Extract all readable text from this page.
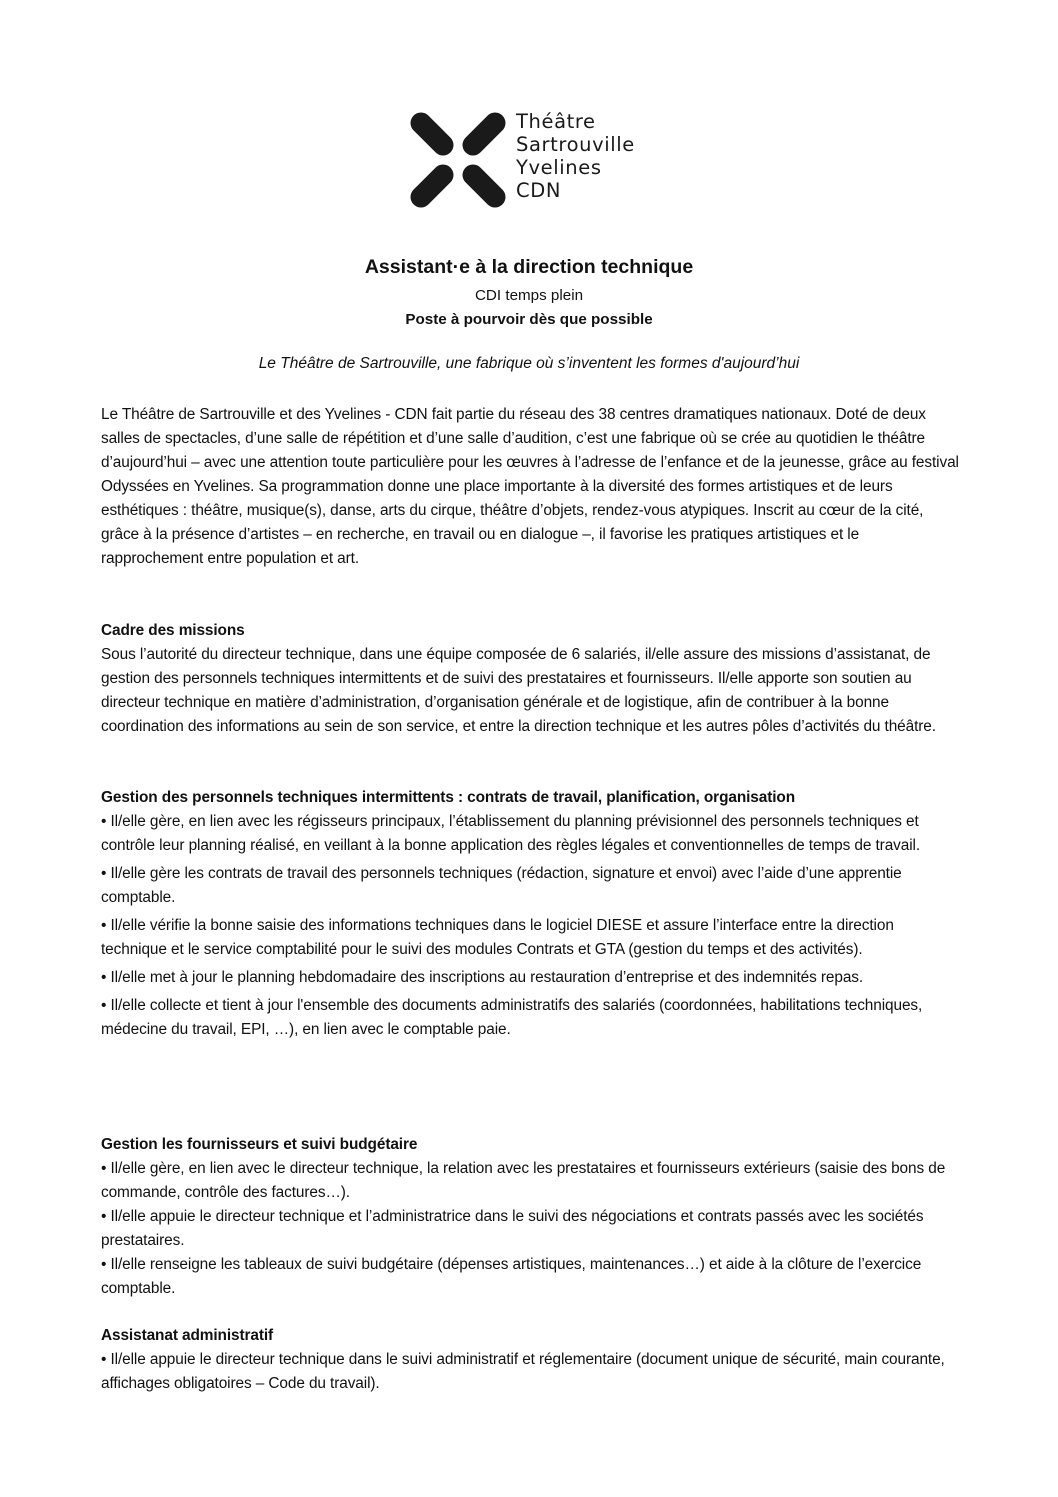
Théâtre
Sartrouville
Yvelines
CDN
Assistant·e à la direction technique
CDI temps plein
Poste à pourvoir dès que possible
Le Théâtre de Sartrouville, une fabrique où s’inventent les formes d'aujourd’hui

Le Théâtre de Sartrouville et des Yvelines - CDN fait partie du réseau des 38 centres dramatiques nationaux. Doté de deux salles de spectacles, d’une salle de répétition et d’une salle d’audition, c’est une fabrique où se crée au quotidien le théâtre d’aujourd’hui – avec une attention toute particulière pour les œuvres à l’adresse de l’enfance et de la jeunesse, grâce au festival Odyssées en Yvelines. Sa programmation donne une place importante à la diversité des formes artistiques et de leurs esthétiques : théâtre, musique(s), danse, arts du cirque, théâtre d’objets, rendez-vous atypiques. Inscrit au cœur de la cité, grâce à la présence d’artistes – en recherche, en travail ou en dialogue –, il favorise les pratiques artistiques et le rapprochement entre population et art.

Cadre des missions

Sous l’autorité du directeur technique, dans une équipe composée de 6 salariés, il/elle assure des missions d’assistanat, de gestion des personnels techniques intermittents et de suivi des prestataires et fournisseurs. Il/elle apporte son soutien au directeur technique en matière d’administration, d’organisation générale et de logistique, afin de contribuer à la bonne coordination des informations au sein de son service, et entre la direction technique et les autres pôles d’activités du théâtre.

Gestion des personnels techniques intermittents : contrats de travail, planification, organisation

• Il/elle gère, en lien avec les régisseurs principaux, l’établissement du planning prévisionnel des personnels techniques et contrôle leur planning réalisé, en veillant à la bonne application des règles légales et conventionnelles de temps de travail.
• Il/elle gère les contrats de travail des personnels techniques (rédaction, signature et envoi) avec l’aide d’une apprentie comptable.
• Il/elle vérifie la bonne saisie des informations techniques dans le logiciel DIESE et assure l’interface entre la direction technique et le service comptabilité pour le suivi des modules Contrats et GTA (gestion du temps et des activités).
• Il/elle met à jour le planning hebdomadaire des inscriptions au restauration d’entreprise et des indemnités repas.
• Il/elle collecte et tient à jour l'ensemble des documents administratifs des salariés (coordonnées, habilitations techniques, médecine du travail, EPI, …), en lien avec le comptable paie.

Gestion les fournisseurs et suivi budgétaire

• Il/elle gère, en lien avec le directeur technique, la relation avec les prestataires et fournisseurs extérieurs (saisie des bons de commande, contrôle des factures…).
• Il/elle appuie le directeur technique et l’administratrice dans le suivi des négociations et contrats passés avec les sociétés prestataires.
• Il/elle renseigne les tableaux de suivi budgétaire (dépenses artistiques, maintenances…) et aide à la clôture de l’exercice comptable.

Assistanat administratif

• Il/elle appuie le directeur technique dans le suivi administratif et réglementaire (document unique de sécurité, main courante, affichages obligatoires – Code du travail).
